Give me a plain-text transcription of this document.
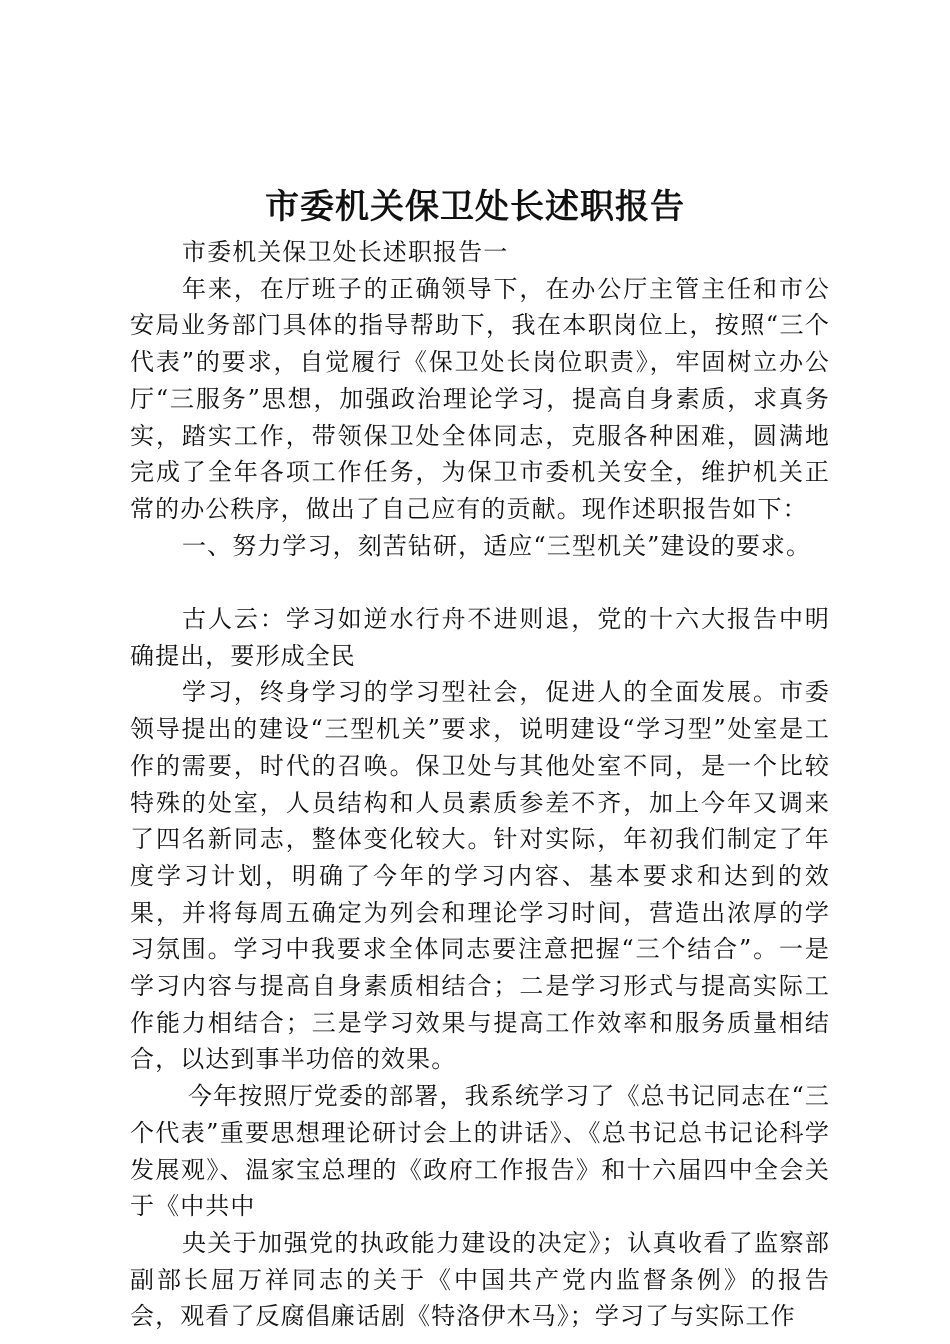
市委机关保卫处长述职报告

市委机关保卫处长述职报告一

年来，在厅班子的正确领导下，在办公厅主管主任和市公安局业务部门具体的指导帮助下，我在本职岗位上，按照“三个代表”的要求，自觉履行《保卫处长岗位职责》，牢固树立办公厅“三服务”思想，加强政治理论学习，提高自身素质，求真务实，踏实工作，带领保卫处全体同志，克服各种困难，圆满地完成了全年各项工作任务，为保卫市委机关安全，维护机关正常的办公秩序，做出了自己应有的贡献。现作述职报告如下：

一、努力学习，刻苦钻研，适应“三型机关”建设的要求。

古人云：学习如逆水行舟不进则退，党的十六大报告中明确提出，要形成全民

学习，终身学习的学习型社会，促进人的全面发展。市委领导提出的建设“三型机关”要求，说明建设“学习型”处室是工作的需要，时代的召唤。保卫处与其他处室不同，是一个比较特殊的处室，人员结构和人员素质参差不齐，加上今年又调来了四名新同志，整体变化较大。针对实际，年初我们制定了年度学习计划，明确了今年的学习内容、基本要求和达到的效果，并将每周五确定为列会和理论学习时间，营造出浓厚的学习氛围。学习中我要求全体同志要注意把握“三个结合”。一是学习内容与提高自身素质相结合；二是学习形式与提高实际工作能力相结合；三是学习效果与提高工作效率和服务质量相结合，以达到事半功倍的效果。

今年按照厅党委的部署，我系统学习了《总书记同志在“三个代表”重要思想理论研讨会上的讲话》、《总书记总书记论科学发展观》、温家宝总理的《政府工作报告》和十六届四中全会关于《中共中

央关于加强党的执政能力建设的决定》；认真收看了监察部副部长屈万祥同志的关于《中国共产党内监督条例》的报告会，观看了反腐倡廉话剧《特洛伊木马》；学习了与实际工作
